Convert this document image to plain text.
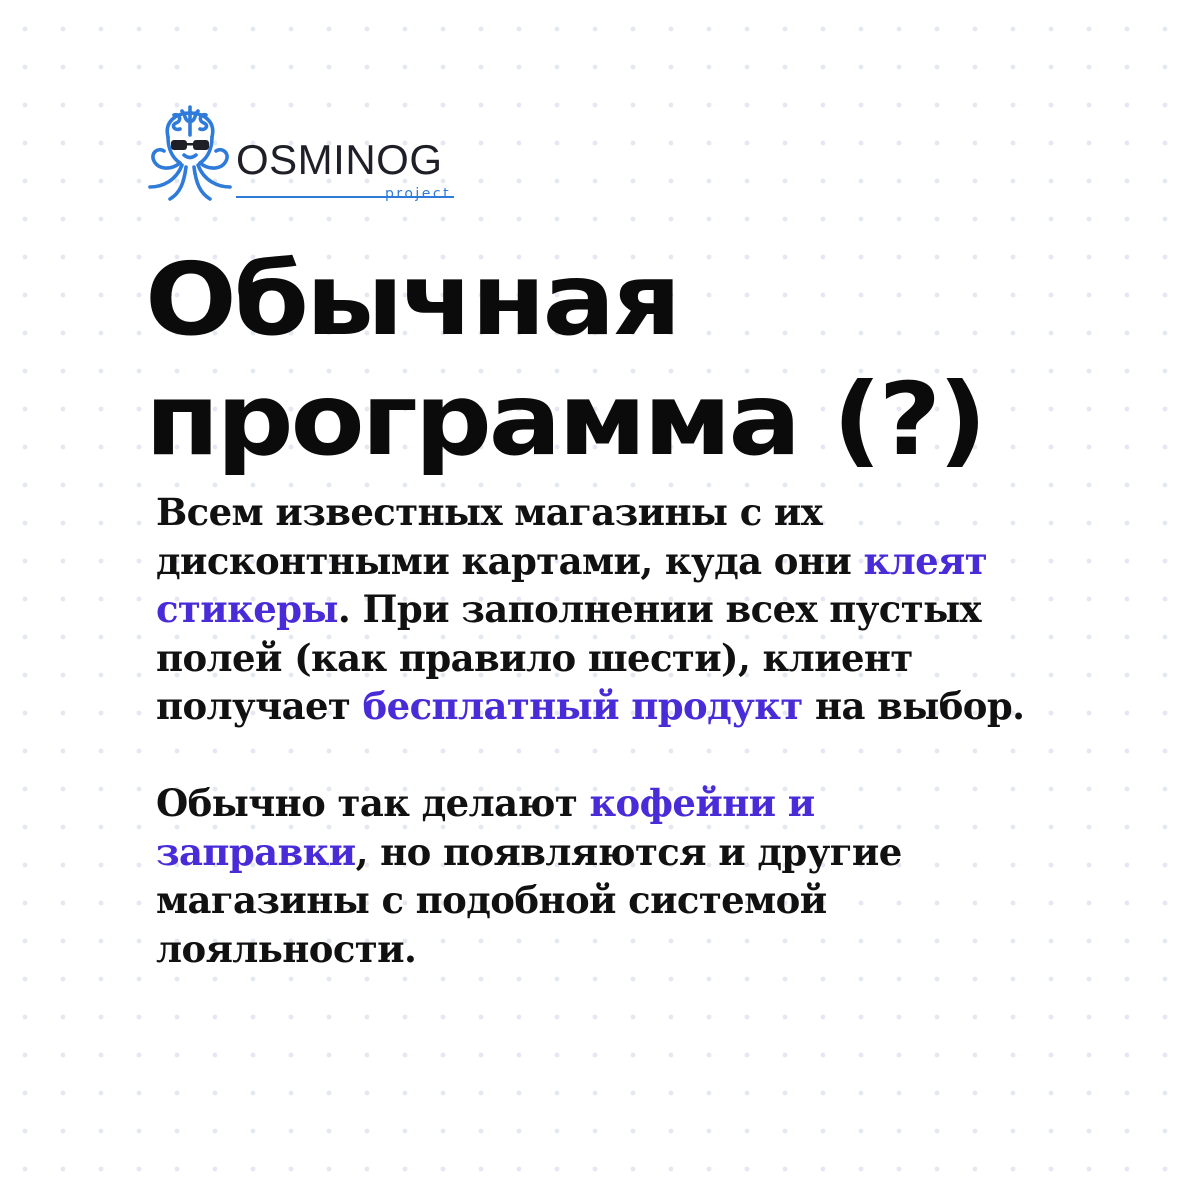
OSMINOG
project
Обычная
программа (?)

Всем известных магазины с их дисконтными картами, куда они клеят стикеры. При заполнении всех пустых полей (как правило шести), клиент получает бесплатный продукт на выбор.

Обычно так делают кофейни и заправки, но появляются и другие магазины с подобной системой лояльности.
